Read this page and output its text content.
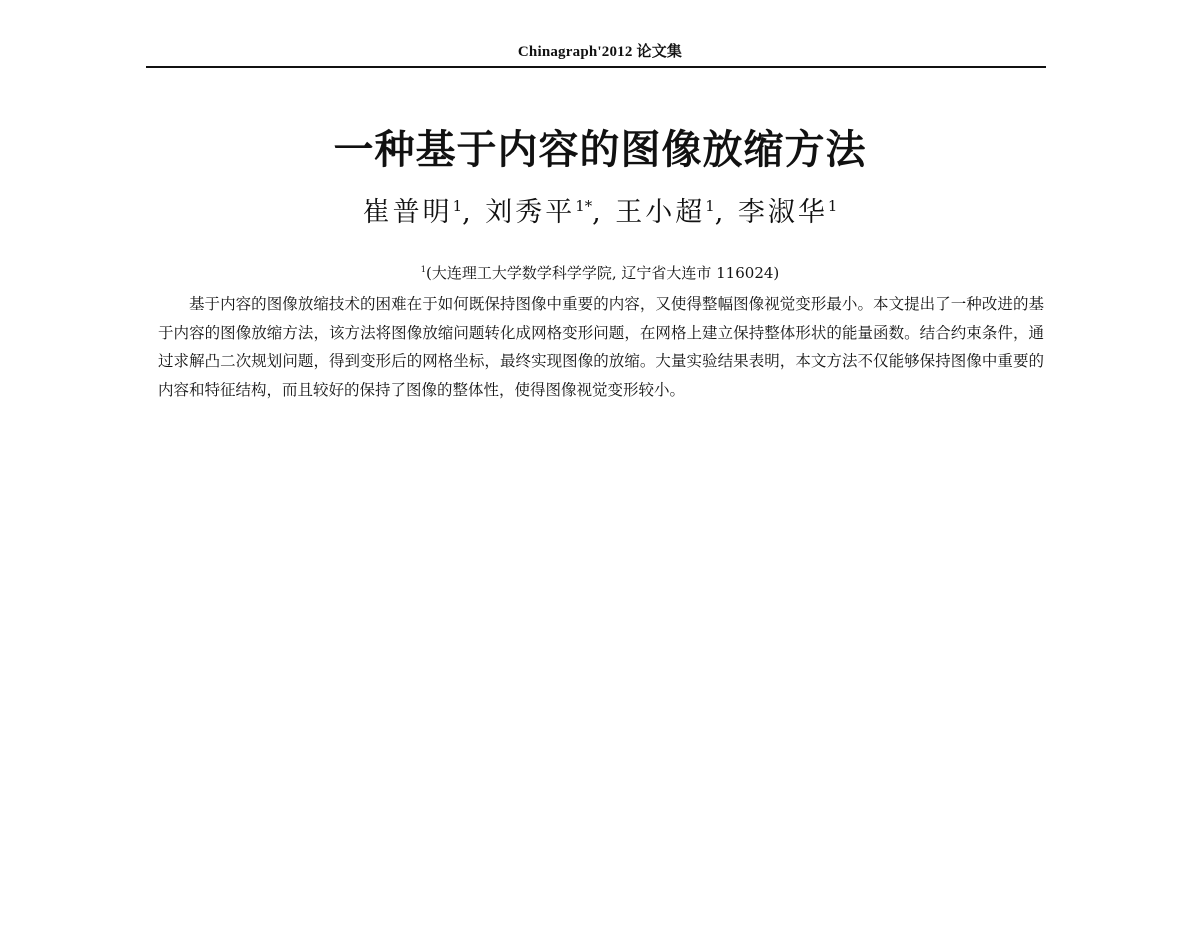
Chinagraph'2012 论文集
一种基于内容的图像放缩方法
崔普明$^1$, 刘秀平$^{1*}$, 王小超$^1$, 李淑华$^1$
$^1$(大连理工大学数学科学学院, 辽宁省大连市 116024)

基于内容的图像放缩技术的困难在于如何既保持图像中重要的内容，又使得整幅图像视觉变形最小。本文提出了一种改进的基于内容的图像放缩方法，该方法将图像放缩问题转化成网格变形问题，在网格上建立保持整体形状的能量函数。结合约束条件，通过求解凸二次规划问题，得到变形后的网格坐标，最终实现图像的放缩。大量实验结果表明，本文方法不仅能够保持图像中重要的内容和特征结构，而且较好的保持了图像的整体性，使得图像视觉变形较小。
